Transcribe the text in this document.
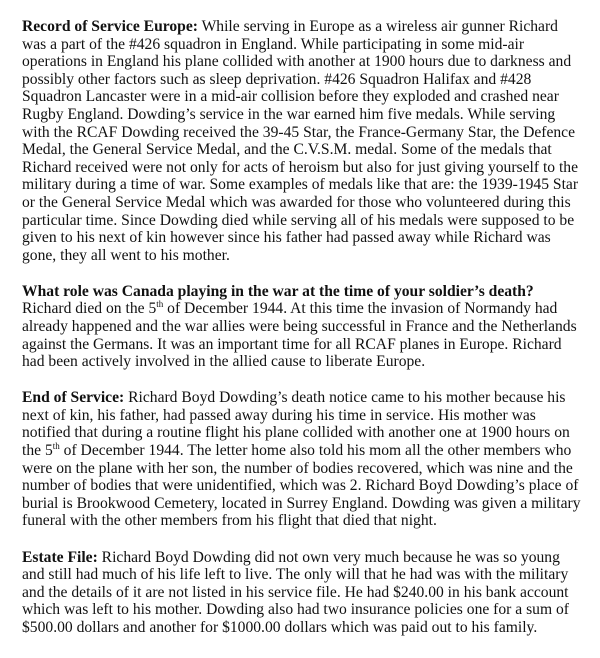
Record of Service Europe: While serving in Europe as a wireless air gunner Richard
was a part of the #426 squadron in England. While participating in some mid-air
operations in England his plane collided with another at 1900 hours due to darkness and
possibly other factors such as sleep deprivation. #426 Squadron Halifax and #428
Squadron Lancaster were in a mid-air collision before they exploded and crashed near
Rugby England. Dowding’s service in the war earned him five medals. While serving
with the RCAF Dowding received the 39-45 Star, the France-Germany Star, the Defence
Medal, the General Service Medal, and the C.V.S.M. medal. Some of the medals that
Richard received were not only for acts of heroism but also for just giving yourself to the
military during a time of war. Some examples of medals like that are: the 1939-1945 Star
or the General Service Medal which was awarded for those who volunteered during this
particular time. Since Dowding died while serving all of his medals were supposed to be
given to his next of kin however since his father had passed away while Richard was
gone, they all went to his mother.
What role was Canada playing in the war at the time of your soldier’s death?
Richard died on the 5th of December 1944. At this time the invasion of Normandy had
already happened and the war allies were being successful in France and the Netherlands
against the Germans. It was an important time for all RCAF planes in Europe. Richard
had been actively involved in the allied cause to liberate Europe.
End of Service: Richard Boyd Dowding’s death notice came to his mother because his
next of kin, his father, had passed away during his time in service. His mother was
notified that during a routine flight his plane collided with another one at 1900 hours on
the 5th of December 1944. The letter home also told his mom all the other members who
were on the plane with her son, the number of bodies recovered, which was nine and the
number of bodies that were unidentified, which was 2. Richard Boyd Dowding’s place of
burial is Brookwood Cemetery, located in Surrey England. Dowding was given a military
funeral with the other members from his flight that died that night.
Estate File: Richard Boyd Dowding did not own very much because he was so young
and still had much of his life left to live. The only will that he had was with the military
and the details of it are not listed in his service file. He had $240.00 in his bank account
which was left to his mother. Dowding also had two insurance policies one for a sum of
$500.00 dollars and another for $1000.00 dollars which was paid out to his family.
